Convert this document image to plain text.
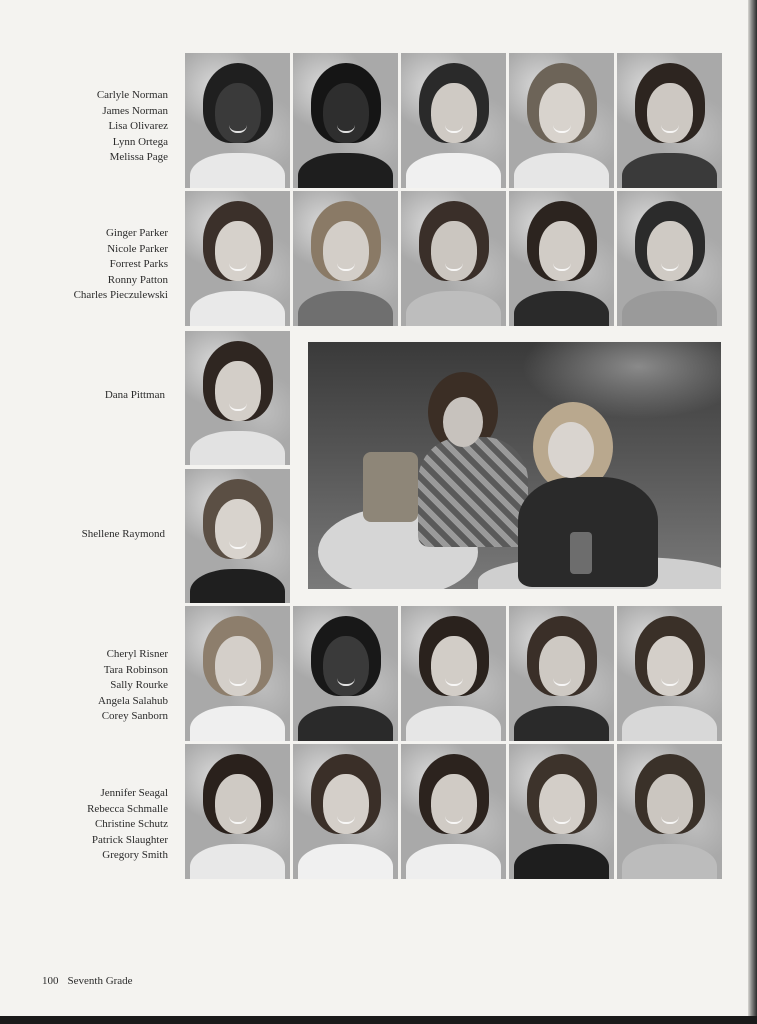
Carlyle Norman
James Norman
Lisa Olivarez
Lynn Ortega
Melissa Page
Ginger Parker
Nicole Parker
Forrest Parks
Ronny Patton
Charles Pieczulewski
Dana Pittman
Shellene Raymond
Cheryl Risner
Tara Robinson
Sally Rourke
Angela Salahub
Corey Sanborn
Jennifer Seagal
Rebecca Schmalle
Christine Schutz
Patrick Slaughter
Gregory Smith
100 Seventh Grade
